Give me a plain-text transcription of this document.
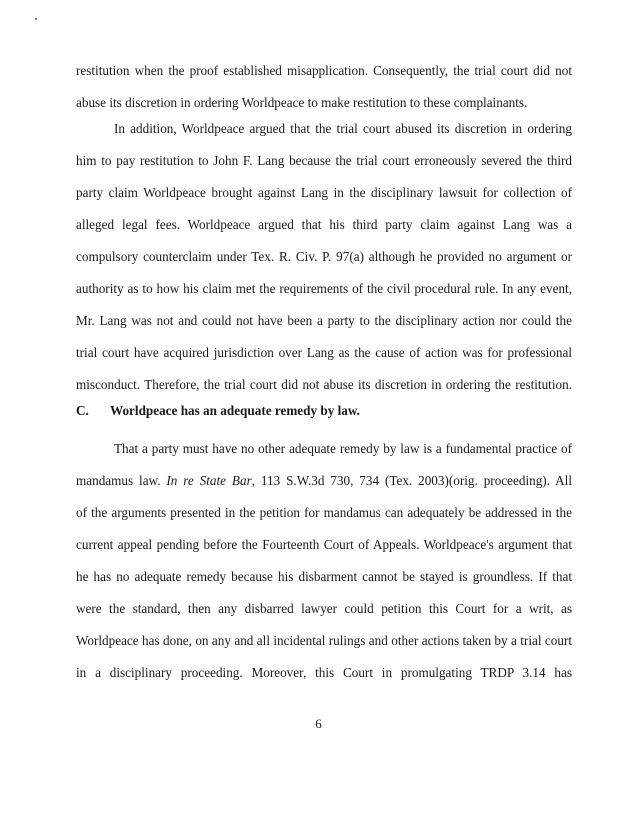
restitution when the proof established misapplication. Consequently, the trial court did not
abuse its discretion in ordering Worldpeace to make restitution to these complainants.
In addition, Worldpeace argued that the trial court abused its discretion in ordering
him to pay restitution to John F. Lang because the trial court erroneously severed the third
party claim Worldpeace brought against Lang in the disciplinary lawsuit for collection of
alleged legal fees. Worldpeace argued that his third party claim against Lang was a
compulsory counterclaim under Tex. R. Civ. P. 97(a) although he provided no argument or
authority as to how his claim met the requirements of the civil procedural rule. In any event,
Mr. Lang was not and could not have been a party to the disciplinary action nor could the
trial court have acquired jurisdiction over Lang as the cause of action was for professional
misconduct. Therefore, the trial court did not abuse its discretion in ordering the restitution.
C. Worldpeace has an adequate remedy by law.
That a party must have no other adequate remedy by law is a fundamental practice of
mandamus law. In re State Bar, 113 S.W.3d 730, 734 (Tex. 2003)(orig. proceeding). All
of the arguments presented in the petition for mandamus can adequately be addressed in the
current appeal pending before the Fourteenth Court of Appeals. Worldpeace's argument that
he has no adequate remedy because his disbarment cannot be stayed is groundless. If that
were the standard, then any disbarred lawyer could petition this Court for a writ, as
Worldpeace has done, on any and all incidental rulings and other actions taken by a trial court
in a disciplinary proceeding. Moreover, this Court in promulgating TRDP 3.14 has
6
